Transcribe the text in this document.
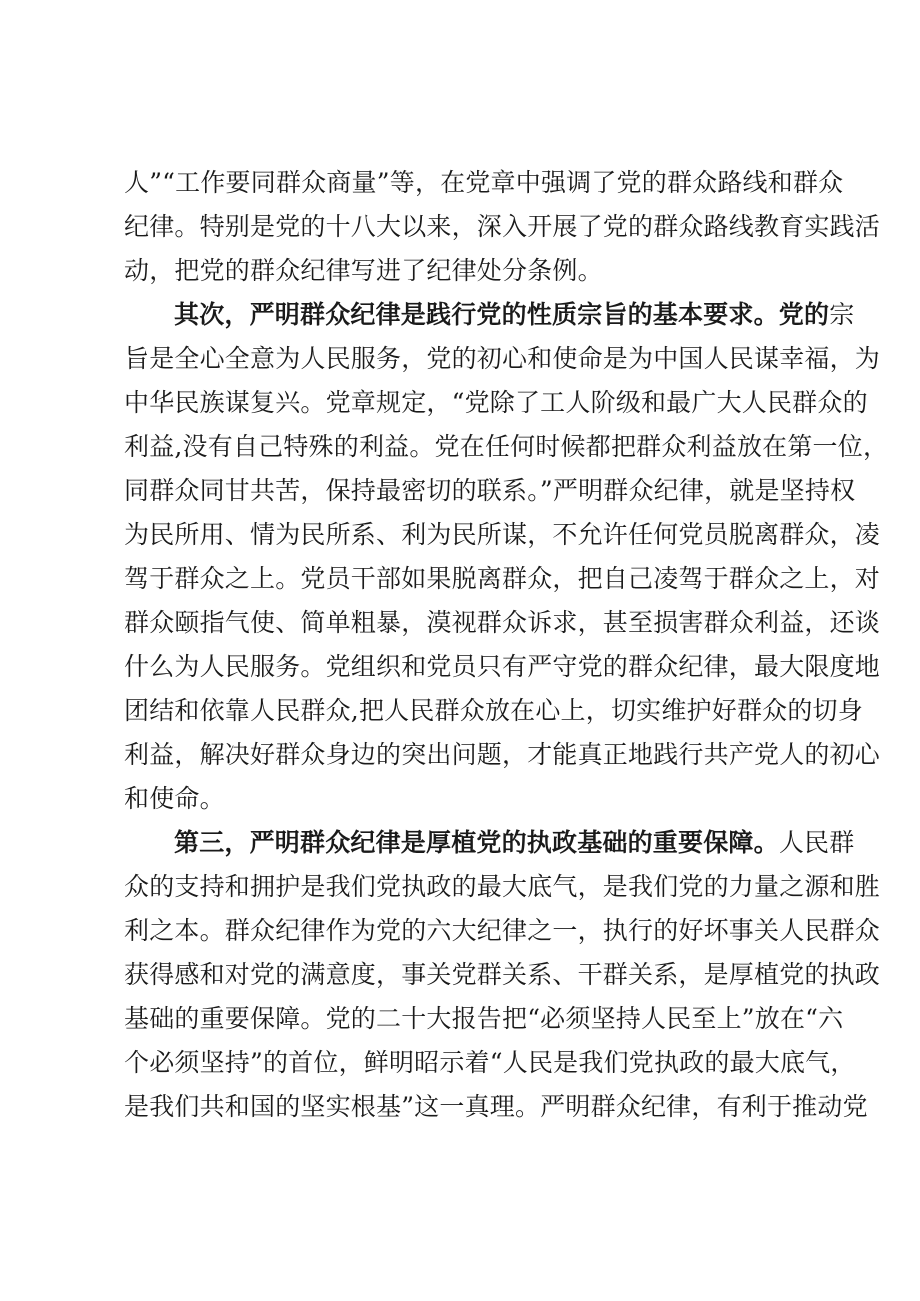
人”“工作要同群众商量”等，在党章中强调了党的群众路线和群众
纪律。特别是党的十八大以来，深入开展了党的群众路线教育实践活
动，把党的群众纪律写进了纪律处分条例。
其次，严明群众纪律是践行党的性质宗旨的基本要求。党的宗
旨是全心全意为人民服务，党的初心和使命是为中国人民谋幸福，为
中华民族谋复兴。党章规定，“党除了工人阶级和最广大人民群众的
利益,没有自己特殊的利益。党在任何时候都把群众利益放在第一位，
同群众同甘共苦，保持最密切的联系。”严明群众纪律，就是坚持权
为民所用、情为民所系、利为民所谋，不允许任何党员脱离群众，凌
驾于群众之上。党员干部如果脱离群众，把自己凌驾于群众之上，对
群众颐指气使、简单粗暴，漠视群众诉求，甚至损害群众利益，还谈
什么为人民服务。党组织和党员只有严守党的群众纪律，最大限度地
团结和依靠人民群众,把人民群众放在心上，切实维护好群众的切身
利益，解决好群众身边的突出问题，才能真正地践行共产党人的初心
和使命。
第三，严明群众纪律是厚植党的执政基础的重要保障。人民群
众的支持和拥护是我们党执政的最大底气，是我们党的力量之源和胜
利之本。群众纪律作为党的六大纪律之一，执行的好坏事关人民群众
获得感和对党的满意度，事关党群关系、干群关系，是厚植党的执政
基础的重要保障。党的二十大报告把“必须坚持人民至上”放在“六
个必须坚持”的首位，鲜明昭示着“人民是我们党执政的最大底气，
是我们共和国的坚实根基”这一真理。严明群众纪律，有利于推动党
